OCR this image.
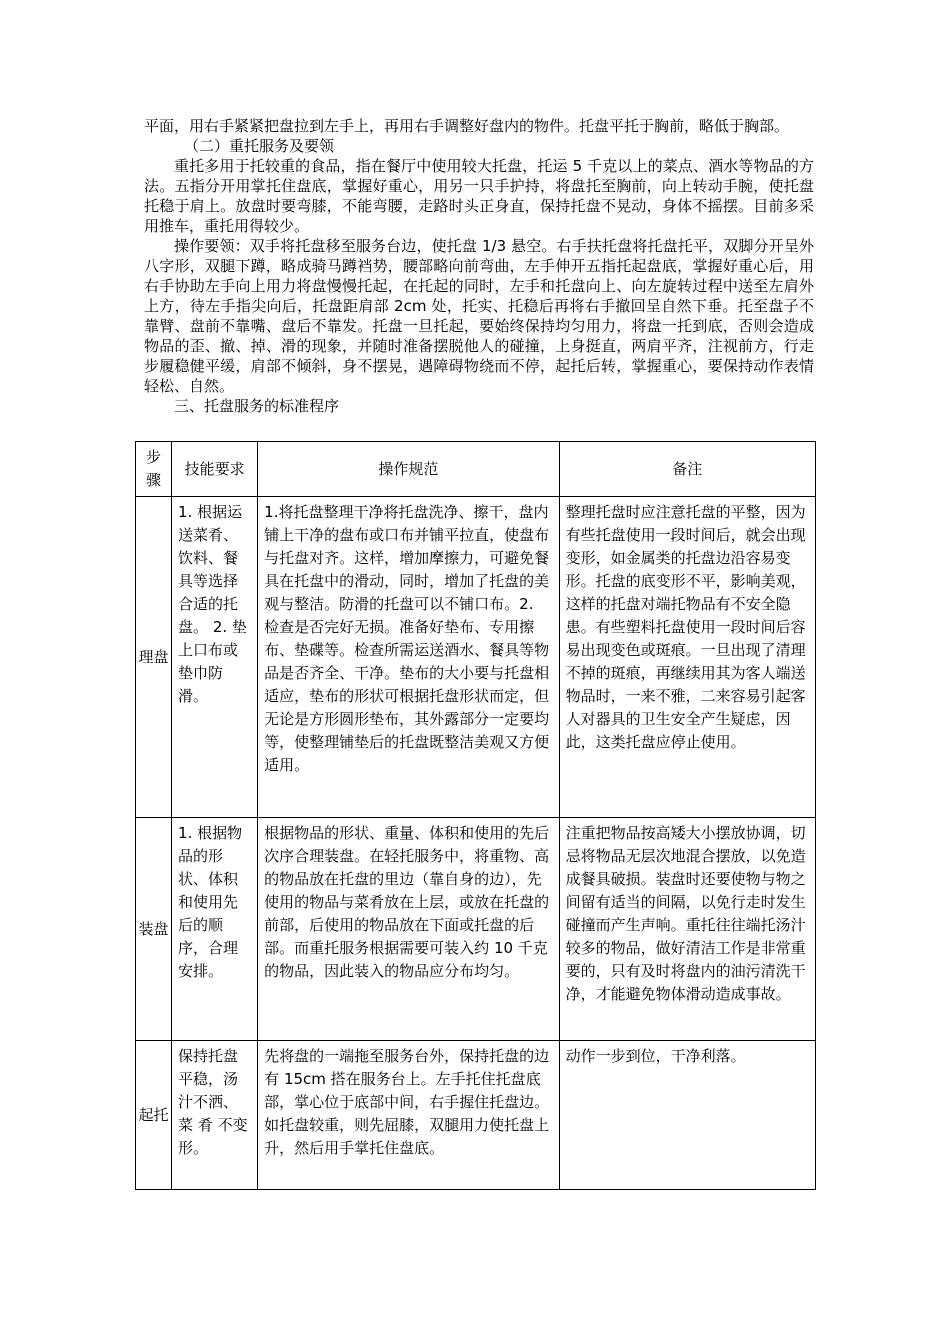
平面，用右手紧紧把盘拉到左手上，再用右手调整好盘内的物件。托盘平托于胸前，略低于胸部。

（二）重托服务及要领

重托多用于托较重的食品，指在餐厅中使用较大托盘，托运 5 千克以上的菜点、酒水等物品的方法。五指分开用掌托住盘底，掌握好重心，用另一只手护持，将盘托至胸前，向上转动手腕，使托盘托稳于肩上。放盘时要弯膝，不能弯腰，走路时头正身直，保持托盘不晃动，身体不摇摆。目前多采用推车，重托用得较少。

操作要领：双手将托盘移至服务台边，使托盘 1/3 悬空。右手扶托盘将托盘托平，双脚分开呈外八字形，双腿下蹲，略成骑马蹲裆势，腰部略向前弯曲，左手伸开五指托起盘底，掌握好重心后，用右手协助左手向上用力将盘慢慢托起，在托起的同时，左手和托盘向上、向左旋转过程中送至左肩外上方，待左手指尖向后，托盘距肩部 2cm 处，托实、托稳后再将右手撤回呈自然下垂。托至盘子不靠臂、盘前不靠嘴、盘后不靠发。托盘一旦托起，要始终保持均匀用力，将盘一托到底，否则会造成物品的歪、撤、掉、滑的现象，并随时准备摆脱他人的碰撞，上身挺直，两肩平齐，注视前方，行走步履稳健平缓，肩部不倾斜，身不摆晃，遇障碍物绕而不停，起托后转，掌握重心，要保持动作表情轻松、自然。

三、托盘服务的标准程序

步骤	技能要求	操作规范	备注
理盘	1. 根据运送菜肴、饮料、餐具等选择合适的托盘。 2. 垫上口布或垫巾防滑。	1.将托盘整理干净将托盘洗净、擦干，盘内铺上干净的盘布或口布并铺平拉直，使盘布与托盘对齐。这样，增加摩擦力，可避免餐具在托盘中的滑动，同时，增加了托盘的美观与整洁。防滑的托盘可以不铺口布。2. 检查是否完好无损。准备好垫布、专用擦布、垫碟等。检查所需运送酒水、餐具等物品是否齐全、干净。垫布的大小要与托盘相适应，垫布的形状可根据托盘形状而定，但无论是方形圆形垫布，其外露部分一定要均等，使整理铺垫后的托盘既整洁美观又方便适用。	整理托盘时应注意托盘的平整，因为有些托盘使用一段时间后，就会出现变形，如金属类的托盘边沿容易变形。托盘的底变形不平，影响美观，这样的托盘对端托物品有不安全隐患。有些塑料托盘使用一段时间后容易出现变色或斑痕。一旦出现了清理不掉的斑痕，再继续用其为客人端送物品时，一来不雅，二来容易引起客人对器具的卫生安全产生疑虑，因此，这类托盘应停止使用。
装盘	1. 根据物品的形状、体积和使用先后的顺序，合理安排。	根据物品的形状、重量、体积和使用的先后次序合理装盘。在轻托服务中，将重物、高的物品放在托盘的里边（靠自身的边），先使用的物品与菜肴放在上层，或放在托盘的前部，后使用的物品放在下面或托盘的后部。而重托服务根据需要可装入约 10 千克的物品，因此装入的物品应分布均匀。	注重把物品按高矮大小摆放协调，切忌将物品无层次地混合摆放，以免造成餐具破损。装盘时还要使物与物之间留有适当的间隔，以免行走时发生碰撞而产生声响。重托往往端托汤汁较多的物品，做好清洁工作是非常重要的，只有及时将盘内的油污清洗干净，才能避免物体滑动造成事故。
起托	保持托盘平稳，汤汁不洒、菜 肴 不变形。	先将盘的一端拖至服务台外，保持托盘的边有 15cm 搭在服务台上。左手托住托盘底部，掌心位于底部中间，右手握住托盘边。如托盘较重，则先屈膝，双腿用力使托盘上升，然后用手掌托住盘底。	动作一步到位，干净利落。
